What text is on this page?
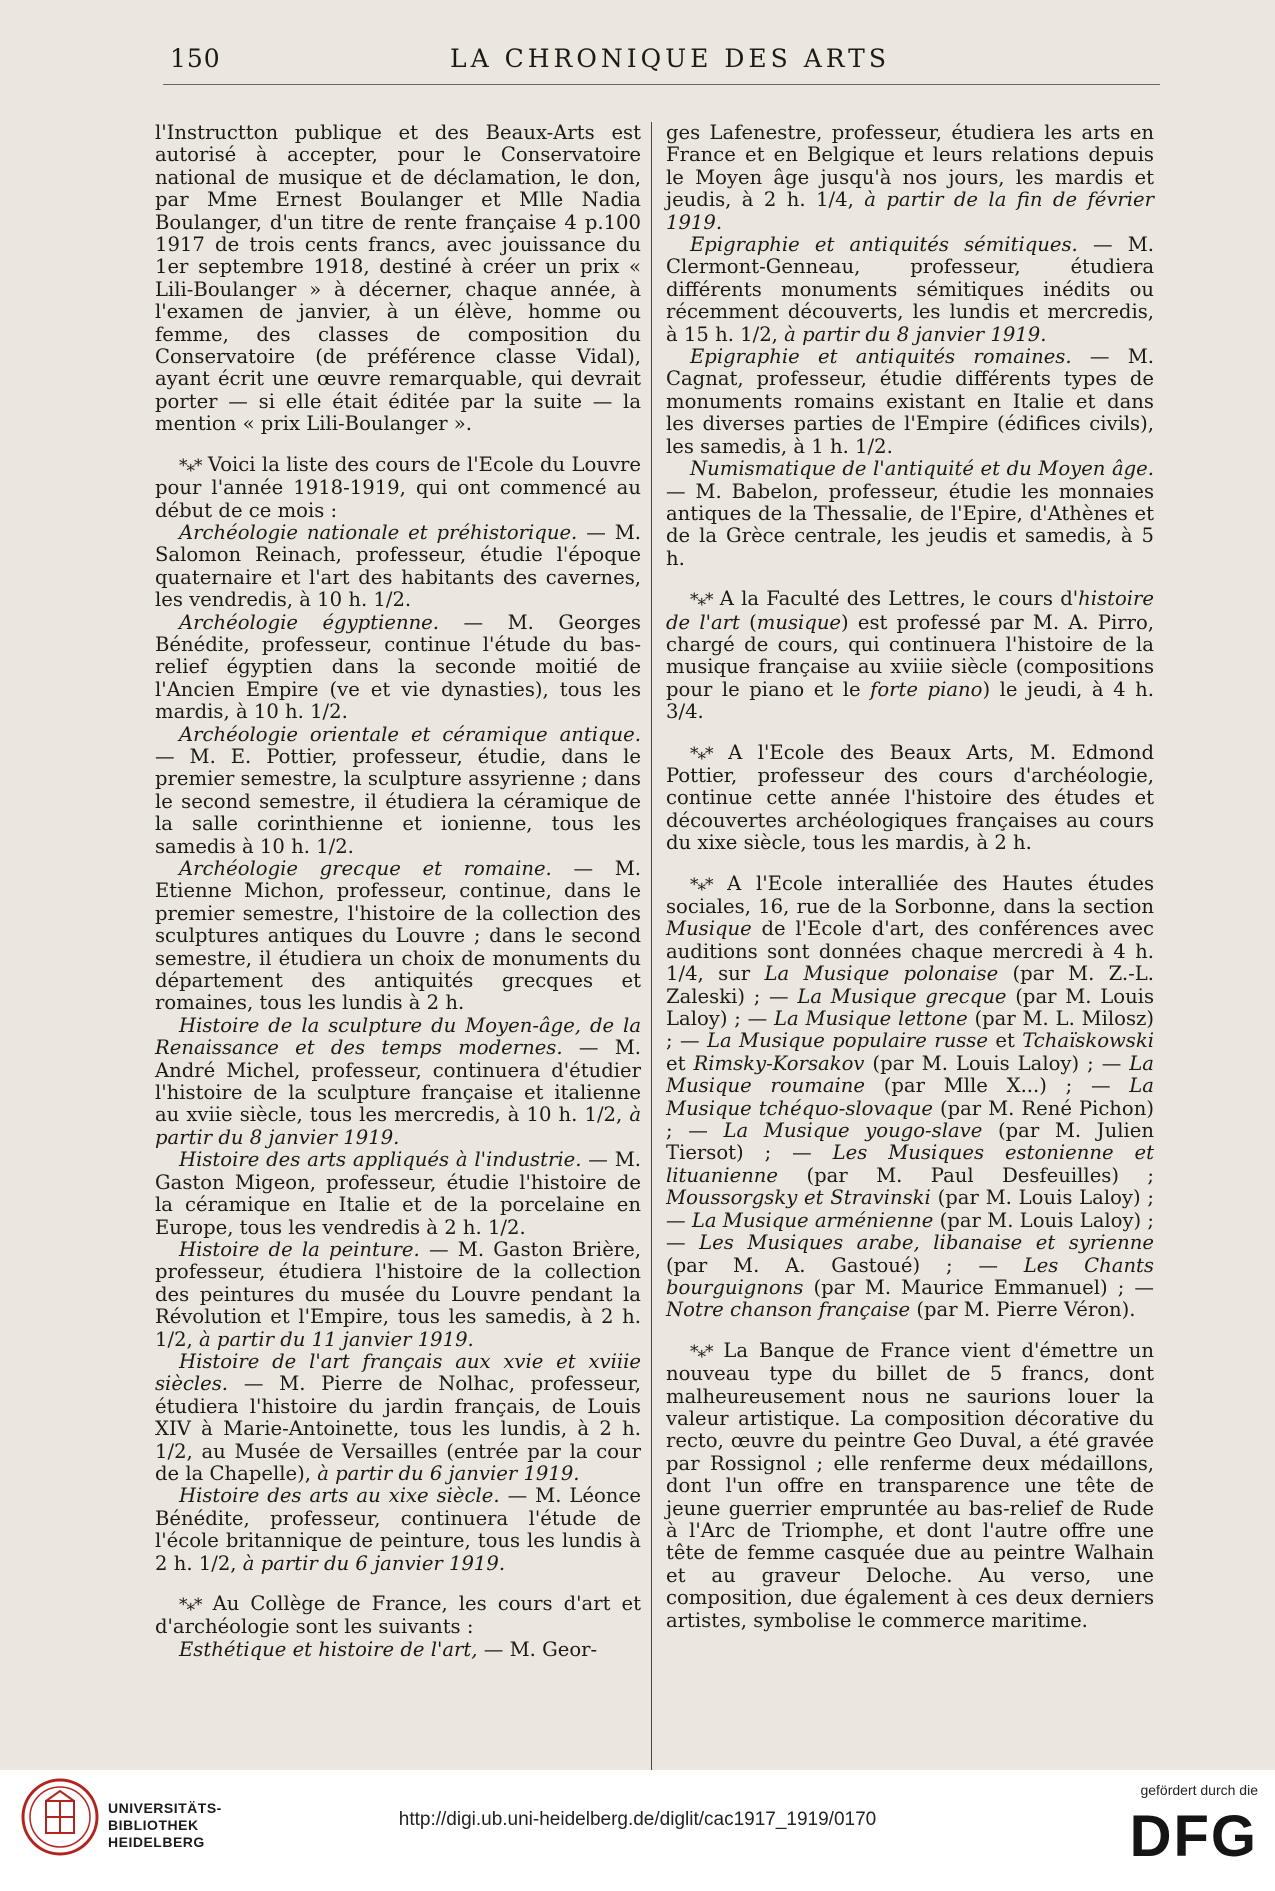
150	LA CHRONIQUE DES ARTS

l'Instructton publique et des Beaux-Arts est autorisé à accepter, pour le Conservatoire national de musique et de déclamation, le don, par Mme Ernest Boulanger et Mlle Nadia Boulanger, d'un titre de rente française 4 p.100 1917 de trois cents francs, avec jouissance du 1er septembre 1918, destiné à créer un prix « Lili-Boulanger » à décerner, chaque année, à l'examen de janvier, à un élève, homme ou femme, des classes de composition du Conservatoire (de préférence classe Vidal), ayant écrit une œuvre remarquable, qui devrait porter — si elle était éditée par la suite — la mention « prix Lili-Boulanger ».

*⁎* Voici la liste des cours de l'Ecole du Louvre pour l'année 1918-1919, qui ont commencé au début de ce mois :

Archéologie nationale et préhistorique. — M. Salomon Reinach, professeur, étudie l'époque quaternaire et l'art des habitants des cavernes, les vendredis, à 10 h. 1/2.

Archéologie égyptienne. — M. Georges Bénédite, professeur, continue l'étude du bas-relief égyptien dans la seconde moitié de l'Ancien Empire (ve et vie dynasties), tous les mardis, à 10 h. 1/2.

Archéologie orientale et céramique antique. — M. E. Pottier, professeur, étudie, dans le premier semestre, la sculpture assyrienne ; dans le second semestre, il étudiera la céramique de la salle corinthienne et ionienne, tous les samedis à 10 h. 1/2.

Archéologie grecque et romaine. — M. Etienne Michon, professeur, continue, dans le premier semestre, l'histoire de la collection des sculptures antiques du Louvre ; dans le second semestre, il étudiera un choix de monuments du département des antiquités grecques et romaines, tous les lundis à 2 h.

Histoire de la sculpture du Moyen-âge, de la Renaissance et des temps modernes. — M. André Michel, professeur, continuera d'étudier l'histoire de la sculpture française et italienne au xviie siècle, tous les mercredis, à 10 h. 1/2, à partir du 8 janvier 1919.

Histoire des arts appliqués à l'industrie. — M. Gaston Migeon, professeur, étudie l'histoire de la céramique en Italie et de la porcelaine en Europe, tous les vendredis à 2 h. 1/2.

Histoire de la peinture. — M. Gaston Brière, professeur, étudiera l'histoire de la collection des peintures du musée du Louvre pendant la Révolution et l'Empire, tous les samedis, à 2 h. 1/2, à partir du 11 janvier 1919.

Histoire de l'art français aux xvie et xviiie siècles. — M. Pierre de Nolhac, professeur, étudiera l'histoire du jardin français, de Louis XIV à Marie-Antoinette, tous les lundis, à 2 h. 1/2, au Musée de Versailles (entrée par la cour de la Chapelle), à partir du 6 janvier 1919.

Histoire des arts au xixe siècle. — M. Léonce Bénédite, professeur, continuera l'étude de l'école britannique de peinture, tous les lundis à 2 h. 1/2, à partir du 6 janvier 1919.

*⁎* Au Collège de France, les cours d'art et d'archéologie sont les suivants :

Esthétique et histoire de l'art, — M. Geor-

ges Lafenestre, professeur, étudiera les arts en France et en Belgique et leurs relations depuis le Moyen âge jusqu'à nos jours, les mardis et jeudis, à 2 h. 1/4, à partir de la fin de février 1919.

Epigraphie et antiquités sémitiques. — M. Clermont-Genneau, professeur, étudiera différents monuments sémitiques inédits ou récemment découverts, les lundis et mercredis, à 15 h. 1/2, à partir du 8 janvier 1919.

Epigraphie et antiquités romaines. — M. Cagnat, professeur, étudie différents types de monuments romains existant en Italie et dans les diverses parties de l'Empire (édifices civils), les samedis, à 1 h. 1/2.

Numismatique de l'antiquité et du Moyen âge. — M. Babelon, professeur, étudie les monnaies antiques de la Thessalie, de l'Epire, d'Athènes et de la Grèce centrale, les jeudis et samedis, à 5 h.

*⁎* A la Faculté des Lettres, le cours d'histoire de l'art (musique) est professé par M. A. Pirro, chargé de cours, qui continuera l'histoire de la musique française au xviiie siècle (compositions pour le piano et le forte piano) le jeudi, à 4 h. 3/4.

*⁎* A l'Ecole des Beaux Arts, M. Edmond Pottier, professeur des cours d'archéologie, continue cette année l'histoire des études et découvertes archéologiques françaises au cours du xixe siècle, tous les mardis, à 2 h.

*⁎* A l'Ecole interalliée des Hautes études sociales, 16, rue de la Sorbonne, dans la section Musique de l'Ecole d'art, des conférences avec auditions sont données chaque mercredi à 4 h. 1/4, sur La Musique polonaise (par M. Z.-L. Zaleski) ; — La Musique grecque (par M. Louis Laloy) ; — La Musique lettone (par M. L. Milosz) ; — La Musique populaire russe et Tchaïskowski et Rimsky-Korsakov (par M. Louis Laloy) ; — La Musique roumaine (par Mlle X...) ; — La Musique tchéquo-slovaque (par M. René Pichon) ; — La Musique yougo-slave (par M. Julien Tiersot) ; — Les Musiques estonienne et lituanienne (par M. Paul Desfeuilles) ; Moussorgsky et Stravinski (par M. Louis Laloy) ; — La Musique arménienne (par M. Louis Laloy) ; — Les Musiques arabe, libanaise et syrienne (par M. A. Gastoué) ; — Les Chants bourguignons (par M. Maurice Emmanuel) ; — Notre chanson française (par M. Pierre Véron).

*⁎* La Banque de France vient d'émettre un nouveau type du billet de 5 francs, dont malheureusement nous ne saurions louer la valeur artistique. La composition décorative du recto, œuvre du peintre Geo Duval, a été gravée par Rossignol ; elle renferme deux médaillons, dont l'un offre en transparence une tête de jeune guerrier empruntée au bas-relief de Rude à l'Arc de Triomphe, et dont l'autre offre une tête de femme casquée due au peintre Walhain et au graveur Deloche. Au verso, une composition, due également à ces deux derniers artistes, symbolise le commerce maritime.

UNIVERSITÄTS-
BIBLIOTHEK
HEIDELBERG
http://digi.ub.uni-heidelberg.de/diglit/cac1917_1919/0170
gefördert durch die
DFG
